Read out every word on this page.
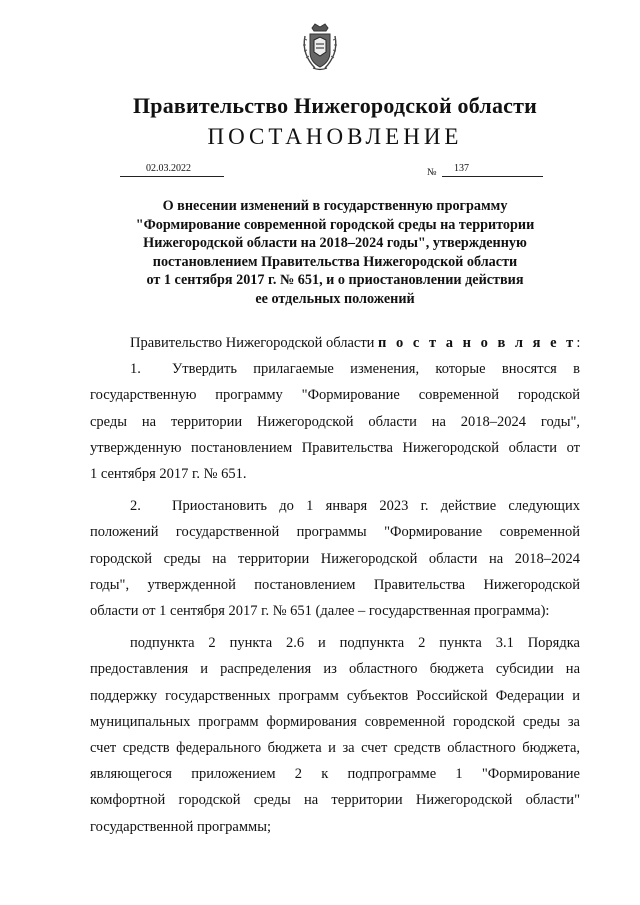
Правительство Нижегородской области
ПОСТАНОВЛЕНИЕ
02.03.2022	№	137
О внесении изменений в государственную программу
"Формирование современной городской среды на территории
Нижегородской области на 2018–2024 годы", утвержденную
постановлением Правительства Нижегородской области
от 1 сентября 2017 г. № 651, и о приостановлении действия
ее отдельных положений

Правительство Нижегородской области п о с т а н о в л я е т:

1. Утвердить прилагаемые изменения, которые вносятся в
государственную программу "Формирование современной городской
среды на территории Нижегородской области на 2018–2024 годы",
утвержденную постановлением Правительства Нижегородской области от
1 сентября 2017 г. № 651.
2. Приостановить до 1 января 2023 г. действие следующих
положений государственной программы "Формирование современной
городской среды на территории Нижегородской области на 2018–2024
годы", утвержденной постановлением Правительства Нижегородской
области от 1 сентября 2017 г. № 651 (далее – государственная программа):
подпункта 2 пункта 2.6 и подпункта 2 пункта 3.1 Порядка
предоставления и распределения из областного бюджета субсидии на
поддержку государственных программ субъектов Российской Федерации и
муниципальных программ формирования современной городской среды за
счет средств федерального бюджета и за счет средств областного бюджета,
являющегося приложением 2 к подпрограмме 1 "Формирование
комфортной городской среды на территории Нижегородской области"
государственной программы;
